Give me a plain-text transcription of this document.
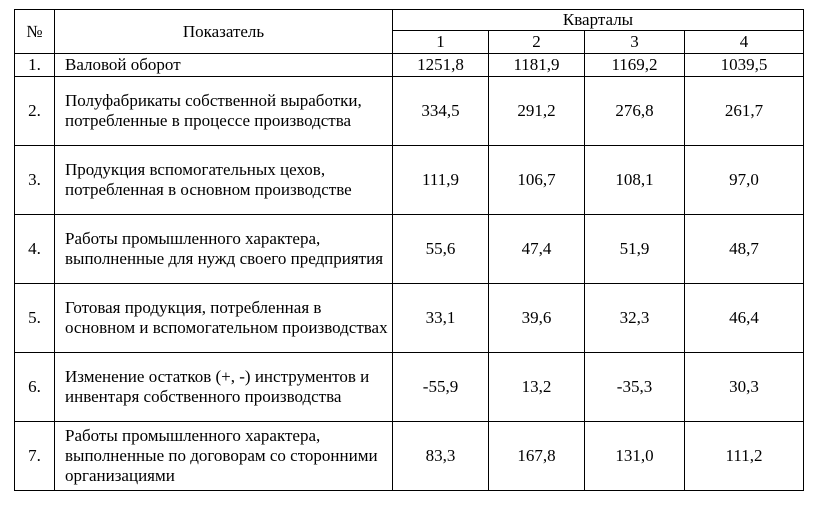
№	Показатель	Кварталы			
		1	2	3	4
1.	Валовой оборот	1251,8	1181,9	1169,2	1039,5
2.	Полуфабрикаты собственной выработки, потребленные в процессе производства	334,5	291,2	276,8	261,7
3.	Продукция вспомогательных цехов, потребленная в основном производстве	111,9	106,7	108,1	97,0
4.	Работы промышленного характера, выполненные для нужд своего предприятия	55,6	47,4	51,9	48,7
5.	Готовая продукция, потребленная в основном и вспомогательном производствах	33,1	39,6	32,3	46,4
6.	Изменение остатков (+, -) инструментов и инвентаря собственного производства	-55,9	13,2	-35,3	30,3
7.	Работы промышленного характера, выполненные по договорам со сторонними организациями	83,3	167,8	131,0	111,2
